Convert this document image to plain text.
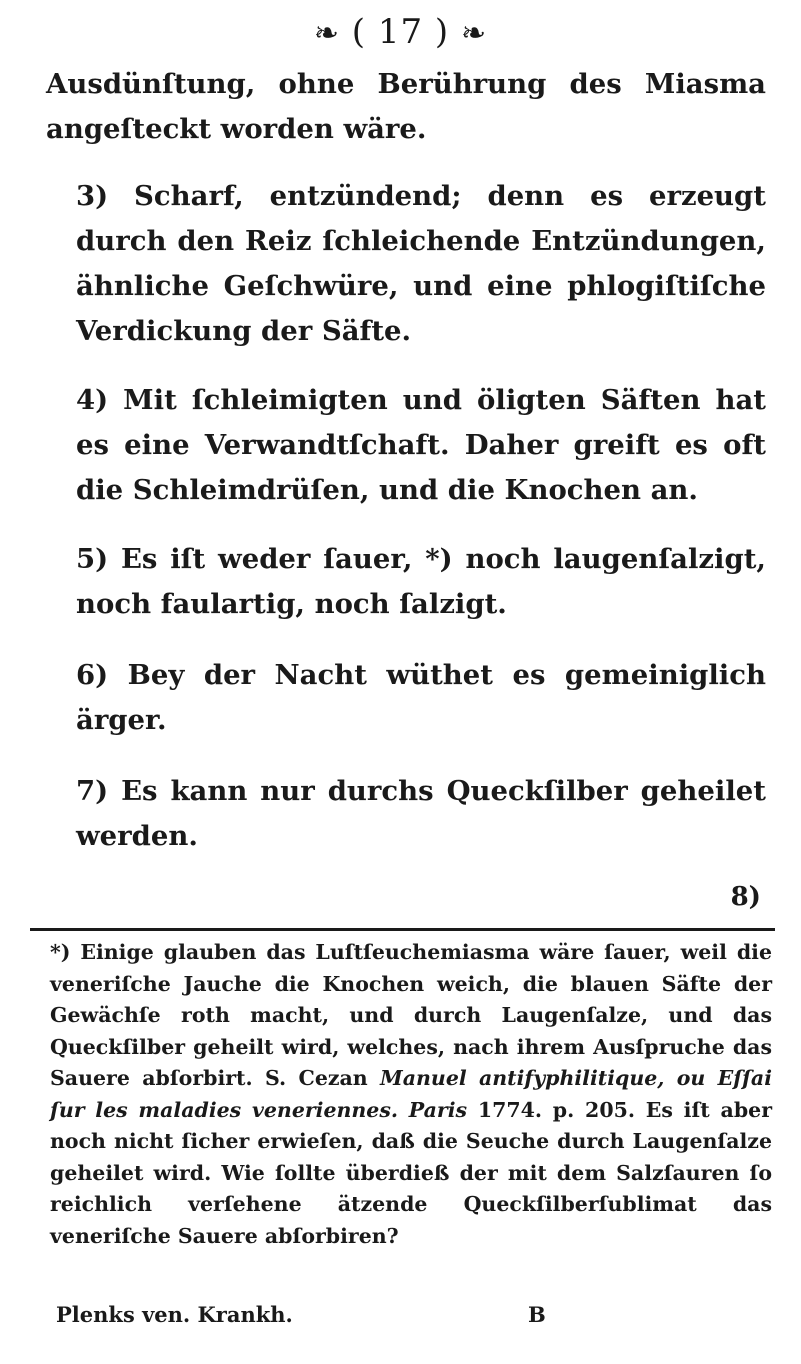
❧ ( 17 ) ❧

Ausdünſtung, ohne Berührung des Miasma angeſteckt worden wäre.

3) Scharf, entzündend; denn es erzeugt durch den Reiz ſchleichende Entzündungen, ähnliche Geſchwüre, und eine phlogiſtiſche Verdickung der Säfte.

4) Mit ſchleimigten und öligten Säften hat es eine Verwandtſchaft. Daher greift es oft die Schleimdrüſen, und die Knochen an.

5) Es iſt weder ſauer, *) noch laugenſalzigt, noch faulartig, noch ſalzigt.

6) Bey der Nacht wüthet es gemeiniglich ärger.

7) Es kann nur durchs Queckſilber geheilet werden.

8)
*) Einige glauben das Luſtſeuchemiasma wäre ſauer, weil die veneriſche Jauche die Knochen weich, die blauen Säfte der Gewächſe roth macht, und durch Laugenſalze, und das Queckſilber geheilt wird, welches, nach ihrem Ausſpruche das Sauere abſorbirt. S. Cezan Manuel antifyphilitique, ou Eſſai ſur les maladies veneriennes. Paris 1774. p. 205. Es iſt aber noch nicht ſicher erwieſen, daß die Seuche durch Laugenſalze geheilet wird. Wie ſollte überdieß der mit dem Salzſauren ſo reichlich verſehene ätzende Queckſilberſublimat das veneriſche Sauere abſorbiren?
Plenks ven. Krankh.	B
